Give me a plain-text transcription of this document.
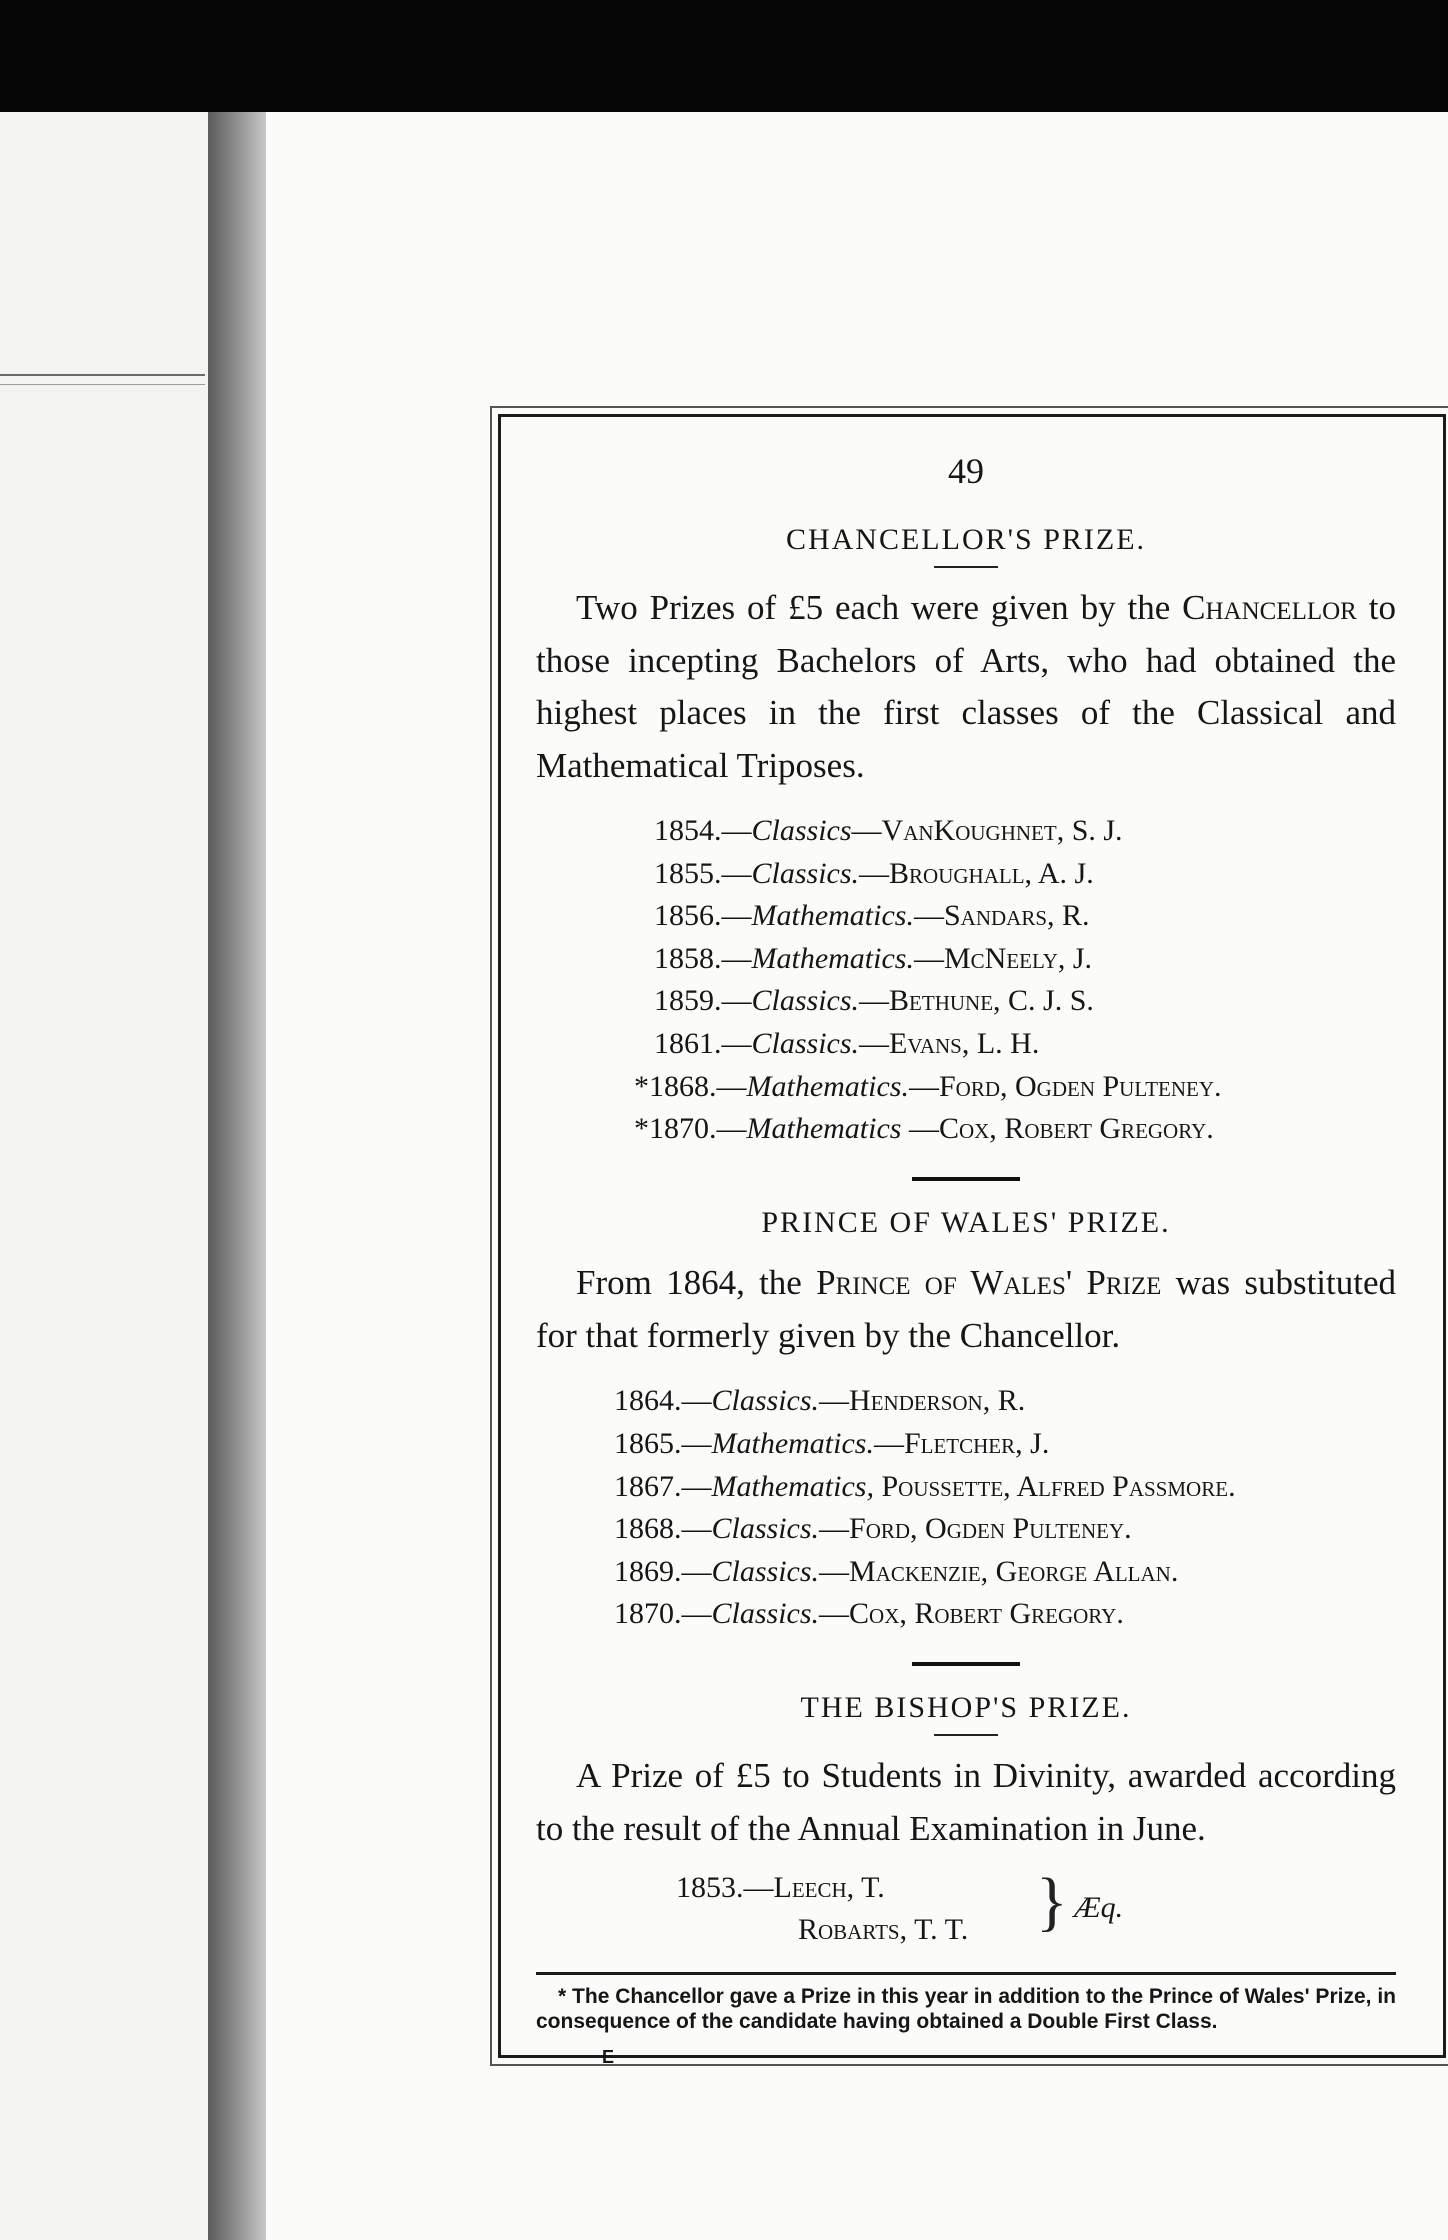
49
CHANCELLOR'S PRIZE.

Two Prizes of £5 each were given by the Chancellor to those incepting Bachelors of Arts, who had obtained the highest places in the first classes of the Classical and Mathematical Triposes.

1854.—Classics—VanKoughnet, S. J.
1855.—Classics.—Broughall, A. J.
1856.—Mathematics.—Sandars, R.
1858.—Mathematics.—McNeely, J.
1859.—Classics.—Bethune, C. J. S.
1861.—Classics.—Evans, L. H.
*1868.—Mathematics.—Ford, Ogden Pulteney.
*1870.—Mathematics —Cox, Robert Gregory.
PRINCE OF WALES' PRIZE.

From 1864, the Prince of Wales' Prize was substituted for that formerly given by the Chancellor.

1864.—Classics.—Henderson, R.
1865.—Mathematics.—Fletcher, J.
1867.—Mathematics, Poussette, Alfred Passmore.
1868.—Classics.—Ford, Ogden Pulteney.
1869.—Classics.—Mackenzie, George Allan.
1870.—Classics.—Cox, Robert Gregory.
THE BISHOP'S PRIZE.

A Prize of £5 to Students in Divinity, awarded according to the result of the Annual Examination in June.

1853.—Leech, T.
Robarts, T. T.	} Æq.

* The Chancellor gave a Prize in this year in addition to the Prince of Wales' Prize, in consequence of the candidate having obtained a Double First Class.

E
